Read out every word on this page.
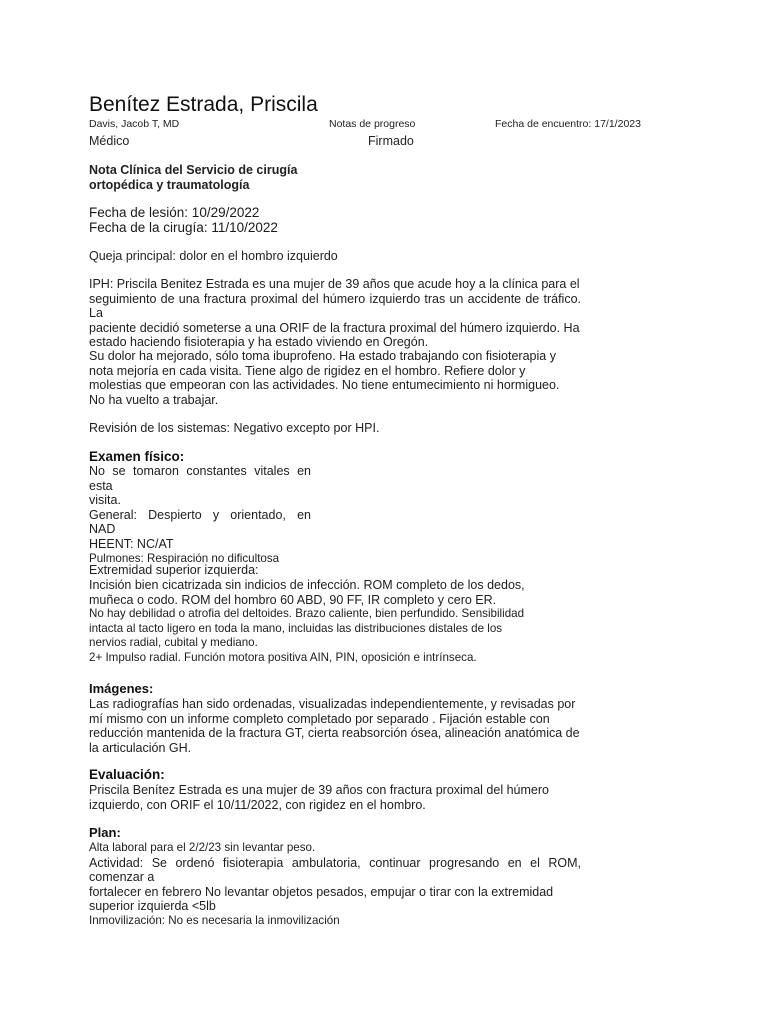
Benítez Estrada, Priscila
Davis, Jacob T, MD	Notas de progreso	Fecha de encuentro: 17/1/2023
Médico	Firmado
Nota Clínica del Servicio de cirugía
ortopédica y traumatología
Fecha de lesión: 10/29/2022
Fecha de la cirugía: 11/10/2022
Queja principal: dolor en el hombro izquierdo

IPH: Priscila Benitez Estrada es una mujer de 39 años que acude hoy a la clínica para el

seguimiento de una fractura proximal del húmero izquierdo tras un accidente de tráfico. La

paciente decidió someterse a una ORIF de la fractura proximal del húmero izquierdo. Ha

estado haciendo fisioterapia y ha estado viviendo en Oregón.

Su dolor ha mejorado, sólo toma ibuprofeno. Ha estado trabajando con fisioterapia y

nota mejoría en cada visita. Tiene algo de rigidez en el hombro. Refiere dolor y

molestias que empeoran con las actividades. No tiene entumecimiento ni hormigueo.

No ha vuelto a trabajar.

Revisión de los sistemas: Negativo excepto por HPI.
Examen físico:

No se tomaron constantes vitales en esta

visita.

General: Despierto y orientado, en

NAD

HEENT: NC/AT

Pulmones: Respiración no dificultosa

Extremidad superior izquierda:

Incisión bien cicatrizada sin indicios de infección. ROM completo de los dedos,

muñeca o codo. ROM del hombro 60 ABD, 90 FF, IR completo y cero ER.

No hay debilidad o atrofia del deltoides. Brazo caliente, bien perfundido. Sensibilidad

intacta al tacto ligero en toda la mano, incluidas las distribuciones distales de los

nervios radial, cubital y mediano.

2+ Impulso radial. Función motora positiva AIN, PIN, oposición e intrínseca.

Imágenes:

Las radiografías han sido ordenadas, visualizadas independientemente, y revisadas por

mí mismo con un informe completo completado por separado . Fijación estable con

reducción mantenida de la fractura GT, cierta reabsorción ósea, alineación anatómica de

la articulación GH.

Evaluación:

Priscila Benítez Estrada es una mujer de 39 años con fractura proximal del húmero

izquierdo, con ORIF el 10/11/2022, con rigidez en el hombro.

Plan:

Alta laboral para el 2/2/23 sin levantar peso.

Actividad: Se ordenó fisioterapia ambulatoria, continuar progresando en el ROM, comenzar a

fortalecer en febrero No levantar objetos pesados, empujar o tirar con la extremidad

superior izquierda <5lb

Inmovilización: No es necesaria la inmovilización
